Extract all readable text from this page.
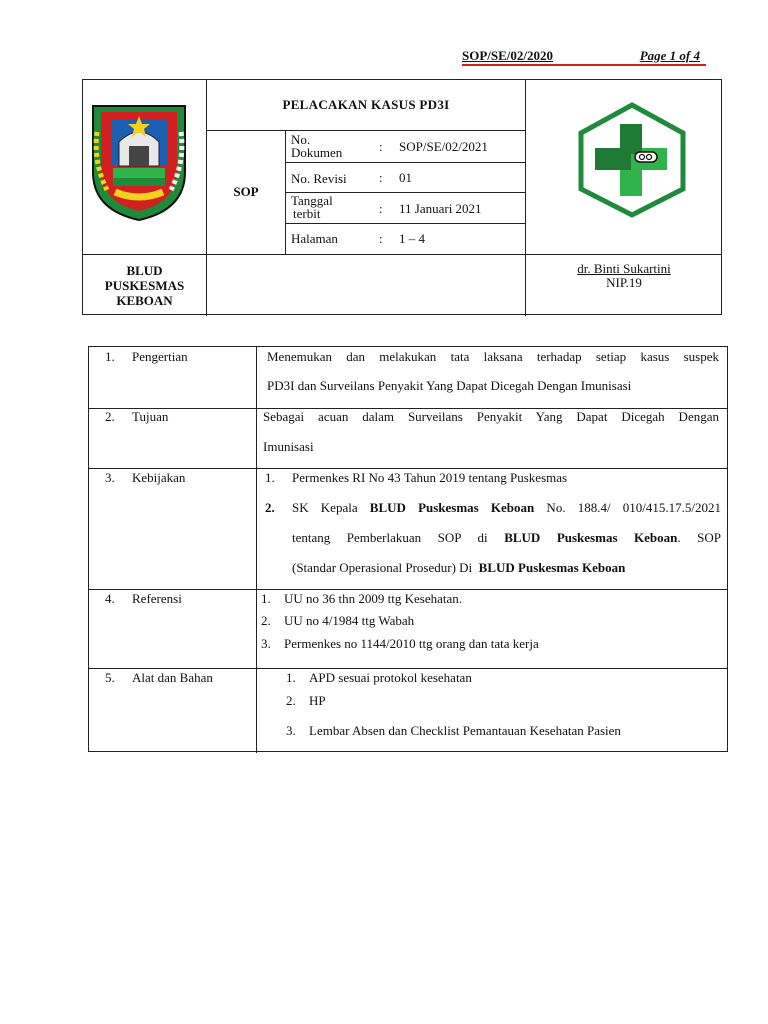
SOP/SE/02/2020	Page 1 of 4
PELACAKAN KASUS PD3I
SOP
No.
Dokumen	: SOP/SE/02/2021
No. Revisi : 01
Tanggal
terbit	: 11 Januari 2021
Halaman	: 1 – 4
BLUD
PUSKESMAS
KEBOAN
dr. Binti Sukartini
NIP.19
1. Pengertian	Menemukan dan melakukan tata laksana terhadap setiap kasus suspek
PD3I dan Surveilans Penyakit Yang Dapat Dicegah Dengan Imunisasi
2. Tujuan	Sebagai acuan dalam Surveilans Penyakit Yang Dapat Dicegah Dengan
Imunisasi
3. Kebijakan	1. Permenkes RI No 43 Tahun 2019 tentang Puskesmas
2. SK Kepala BLUD Puskesmas Keboan No. 188.4/ 010/415.17.5/2021
tentang Pemberlakuan SOP di BLUD Puskesmas Keboan. SOP
(Standar Operasional Prosedur) Di  BLUD Puskesmas Keboan
4. Referensi	1. UU no 36 thn 2009 ttg Kesehatan.
2. UU no 4/1984 ttg Wabah
3. Permenkes no 1144/2010 ttg orang dan tata kerja
5. Alat dan Bahan	1. APD sesuai protokol kesehatan
2. HP
3. Lembar Absen dan Checklist Pemantauan Kesehatan Pasien
